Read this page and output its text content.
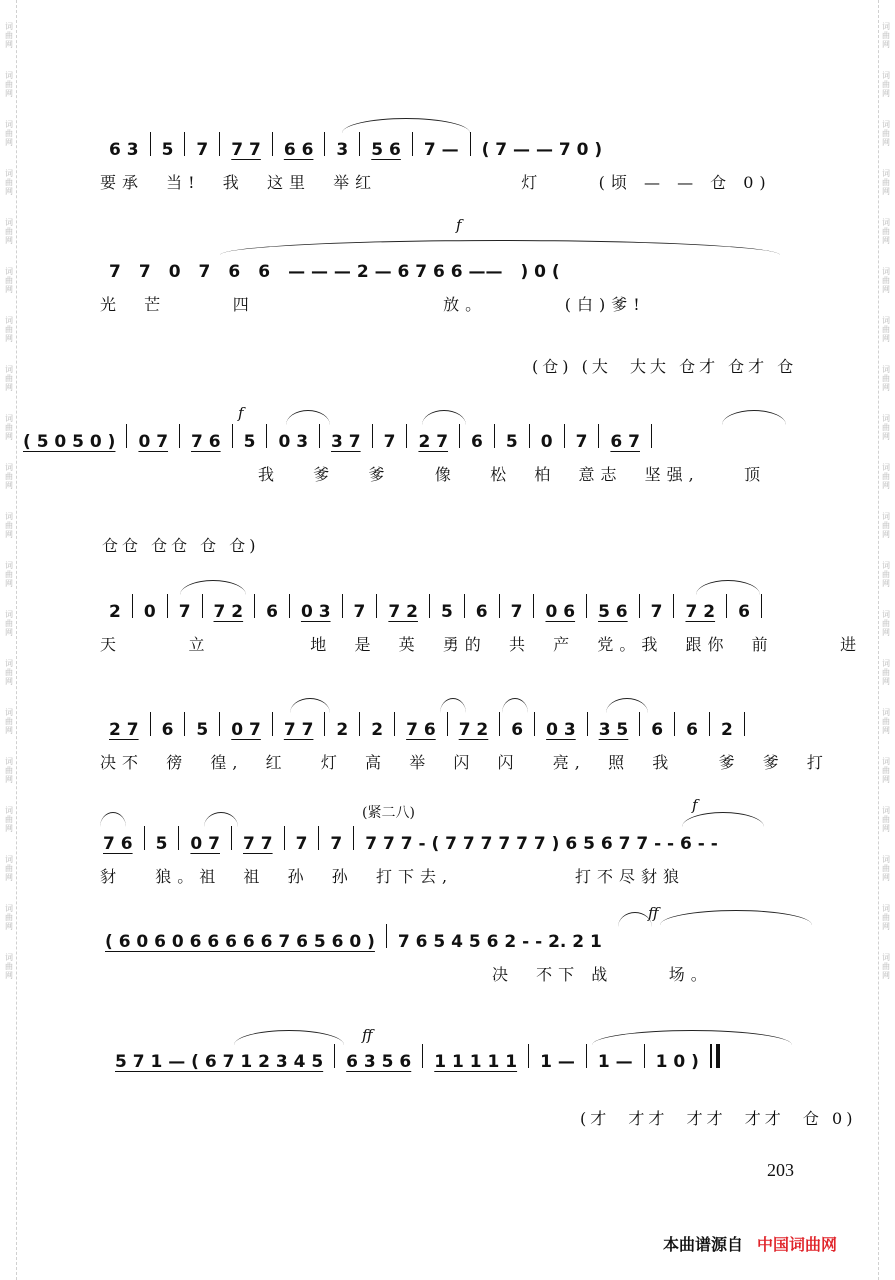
词曲网
词曲网
词曲网
词曲网
词曲网
词曲网
词曲网
词曲网
词曲网
词曲网
词曲网
词曲网
词曲网
词曲网
词曲网
词曲网
词曲网
词曲网
词曲网
词曲网
词曲网
词曲网
词曲网
词曲网
词曲网
词曲网
词曲网
词曲网
词曲网
词曲网
词曲网
词曲网
词曲网
词曲网
词曲网
词曲网
词曲网
词曲网
词曲网
词曲网
6 3	5	7	7 7	6 6	3	5 6	7 —	( 7 — — 7 0 )
要承  当!  我  这里  举红             灯     (顷 — — 仓 0)
f
7	7	0	7	6	6	— — — 2 — 6 7 6 6 ——	) 0 (
光  芒      四                 放。       (白)爹!
(仓) (大  大大 仓才 仓才 仓
f
( 5 0 5 0 )	0 7	7 6	5	0 3	3 7	7	2 7	6	5	0	7	6 7
我   爹   爹    像   松  柏  意志  坚强,    顶
仓仓 仓仓 仓 仓)
2	0	7	7 2	6	0 3	7	7 2	5	6	7	0 6	5 6	7	7 2	6
天      立         地  是  英  勇的  共  产  党。我  跟你  前      进
2 7	6	5	0 7	7 7	2	2	7 6	7 2	6	0 3	3 5	6	6	2
决不  徬  徨,  红   灯  高  举  闪  闪   亮,  照  我    爹  爹  打
(紧二八)	f
7 6	5	0 7	7 7	7	7	7 7 7 - ( 7 7 7 7 7 7 ) 6 5 6 7 7 - - 6 - -
豺   狼。祖  祖  孙  孙  打下去,           打不尽豺狼
ff
( 6 0 6 0 6 6 6 6 6 7 6 5 6 0 )	7 6 5 4 5 6 2 - - 2. 2 1
决  不下 战     场。
ff
5 7 1 — ( 6 7 1 2 3 4 5	6 3 5 6	1 1 1 1 1	1 —	1 —	1 0 )
(才  才才  才才  才才  仓 0)
203
本曲谱源自 中国词曲网
